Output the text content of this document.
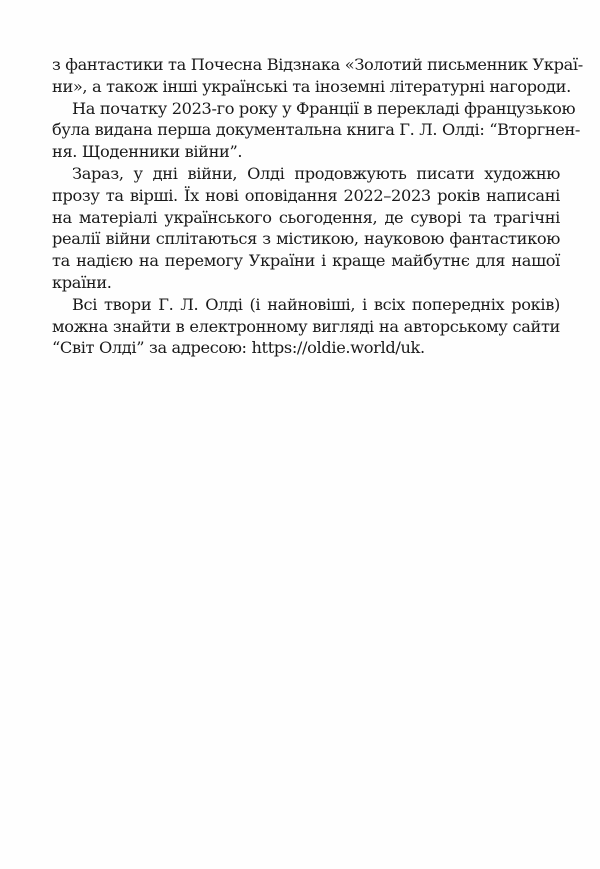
з фантастики та Почесна Відзнака «Золотий письменник Украї-
ни», а також інші українські та іноземні літературні нагороди.
На початку 2023-го року у Франції в перекладі французькою
була видана перша документальна книга Г. Л. Олді: “Вторгнен-
ня. Щоденники війни”.
Зараз, у дні війни, Олді продовжують писати художню
прозу та вірші. Їх нові оповідання 2022–2023 років написані
на матеріалі українського сьогодення, де суворі та трагічні
реалії війни сплітаються з містикою, науковою фантастикою
та надією на перемогу України і краще майбутнє для нашої
країни.
Всі твори Г. Л. Олді (і найновіші, і всіх попередніх років)
можна знайти в електронному вигляді на авторському сайти
“Світ Олді” за адресою: https://oldie.world/uk.
